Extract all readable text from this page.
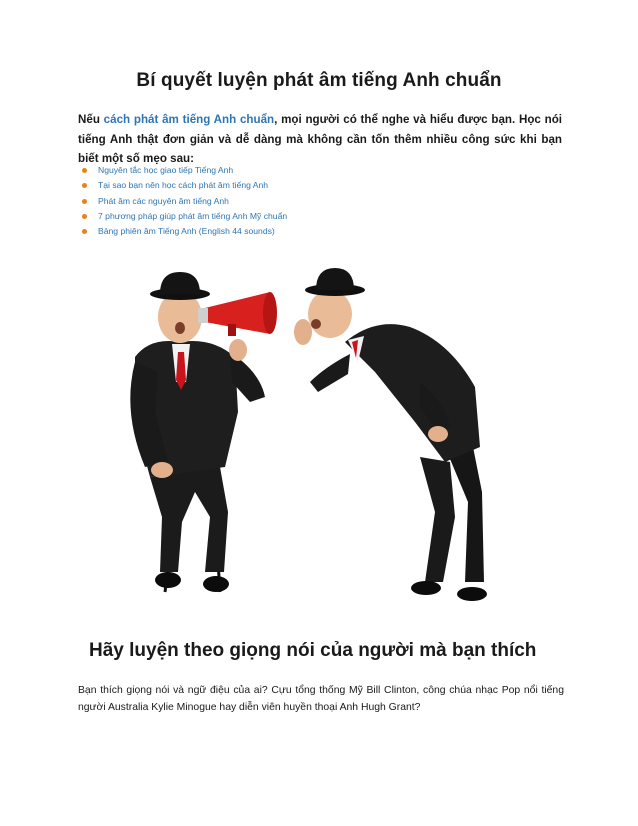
Bí quyết luyện phát âm tiếng Anh chuẩn

Nếu cách phát âm tiếng Anh chuẩn, mọi người có thể nghe và hiểu được bạn. Học nói tiếng Anh thật đơn giản và dễ dàng mà không cần tốn thêm nhiều công sức khi bạn biết một số mẹo sau:

Nguyên tắc học giao tiếp Tiếng Anh
Tại sao bạn nên học cách phát âm tiếng Anh
Phát âm các nguyên âm tiếng Anh
7 phương pháp giúp phát âm tiếng Anh Mỹ chuẩn
Bảng phiên âm Tiếng Anh (English 44 sounds)
Hãy luyện theo giọng nói của người mà bạn thích

Bạn thích giọng nói và ngữ điệu của ai? Cựu tổng thống Mỹ Bill Clinton, công chúa nhạc Pop nổi tiếng người Australia Kylie Minogue hay diễn viên huyền thoại Anh Hugh Grant?
